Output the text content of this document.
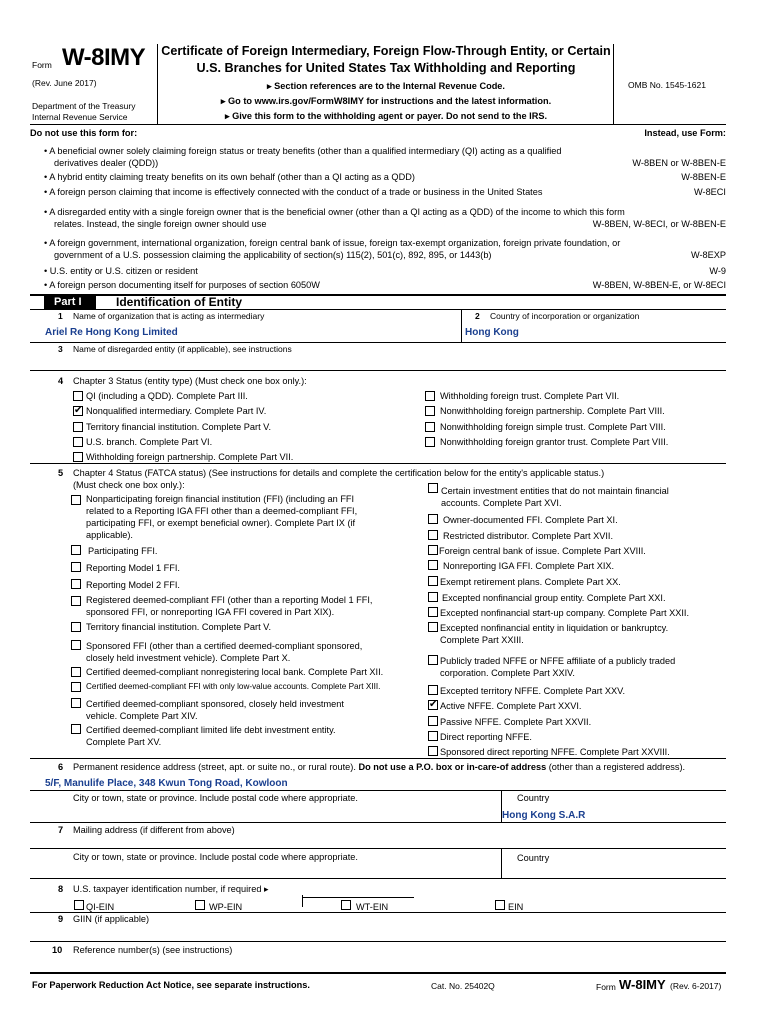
Form W-8IMY
(Rev. June 2017)
Department of the Treasury
Internal Revenue Service
Certificate of Foreign Intermediary, Foreign Flow-Through Entity, or Certain
U.S. Branches for United States Tax Withholding and Reporting
▸ Section references are to the Internal Revenue Code.
▸ Go to www.irs.gov/FormW8IMY for instructions and the latest information.
▸ Give this form to the withholding agent or payer. Do not send to the IRS.
OMB No. 1545-1621
Do not use this form for:	Instead, use Form:
• A beneficial owner solely claiming foreign status or treaty benefits (other than a qualified intermediary (QI) acting as a qualified
derivatives dealer (QDD))	W-8BEN or W-8BEN-E
• A hybrid entity claiming treaty benefits on its own behalf (other than a QI acting as a QDD)	W-8BEN-E
• A foreign person claiming that income is effectively connected with the conduct of a trade or business in the United States	W-8ECI
• A disregarded entity with a single foreign owner that is the beneficial owner (other than a QI acting as a QDD) of the income to which this form
relates. Instead, the single foreign owner should use	W-8BEN, W-8ECI, or W-8BEN-E
• A foreign government, international organization, foreign central bank of issue, foreign tax-exempt organization, foreign private foundation, or
government of a U.S. possession claiming the applicability of section(s) 115(2), 501(c), 892, 895, or 1443(b)	W-8EXP
• U.S. entity or U.S. citizen or resident	W-9
• A foreign person documenting itself for purposes of section 6050W	W-8BEN, W-8BEN-E, or W-8ECI
Part I	Identification of Entity
1 Name of organization that is acting as intermediary
Ariel Re Hong Kong Limited
2 Country of incorporation or organization
Hong Kong
3 Name of disregarded entity (if applicable), see instructions
4 Chapter 3 Status (entity type) (Must check one box only.):
QI (including a QDD). Complete Part III.
✔
Nonqualified intermediary. Complete Part IV.
Territory financial institution. Complete Part V.
U.S. branch. Complete Part VI.
Withholding foreign partnership. Complete Part VII.
Withholding foreign trust. Complete Part VII.
Nonwithholding foreign partnership. Complete Part VIII.
Nonwithholding foreign simple trust. Complete Part VIII.
Nonwithholding foreign grantor trust. Complete Part VIII.
5 Chapter 4 Status (FATCA status) (See instructions for details and complete the certification below for the entity's applicable status.)
(Must check one box only.):
Nonparticipating foreign financial institution (FFI) (including an FFI
related to a Reporting IGA FFI other than a deemed-compliant FFI,
participating FFI, or exempt beneficial owner). Complete Part IX (if
applicable).
Participating FFI.
Reporting Model 1 FFI.
Reporting Model 2 FFI.
Registered deemed-compliant FFI (other than a reporting Model 1 FFI,
sponsored FFI, or nonreporting IGA FFI covered in Part XIX).
Territory financial institution. Complete Part V.
Sponsored FFI (other than a certified deemed-compliant sponsored,
closely held investment vehicle). Complete Part X.
Certified deemed-compliant nonregistering local bank. Complete Part XII.
Certified deemed-compliant FFI with only low-value accounts. Complete Part XIII.
Certified deemed-compliant sponsored, closely held investment
vehicle. Complete Part XIV.
Certified deemed-compliant limited life debt investment entity.
Complete Part XV.
Certain investment entities that do not maintain financial
accounts. Complete Part XVI.
Owner-documented FFI. Complete Part XI.
Restricted distributor. Complete Part XVII.
Foreign central bank of issue. Complete Part XVIII.
Nonreporting IGA FFI. Complete Part XIX.
Exempt retirement plans. Complete Part XX.
Excepted nonfinancial group entity. Complete Part XXI.
Excepted nonfinancial start-up company. Complete Part XXII.
Excepted nonfinancial entity in liquidation or bankruptcy.
Complete Part XXIII.
Publicly traded NFFE or NFFE affiliate of a publicly traded
corporation. Complete Part XXIV.
Excepted territory NFFE. Complete Part XXV.
✔
Active NFFE. Complete Part XXVI.
Passive NFFE. Complete Part XXVII.
Direct reporting NFFE.
Sponsored direct reporting NFFE. Complete Part XXVIII.
6 Permanent residence address (street, apt. or suite no., or rural route). Do not use a P.O. box or in-care-of address (other than a registered address).
5/F, Manulife Place, 348 Kwun Tong Road, Kowloon
City or town, state or province. Include postal code where appropriate.	Country
Hong Kong S.A.R
7 Mailing address (if different from above)
City or town, state or province. Include postal code where appropriate.	Country
8 U.S. taxpayer identification number, if required ▸
QI-EIN	WP-EIN	WT-EIN	EIN
9 GIIN (if applicable)
10 Reference number(s) (see instructions)
For Paperwork Reduction Act Notice, see separate instructions.	Cat. No. 25402Q	Form W-8IMY (Rev. 6-2017)
